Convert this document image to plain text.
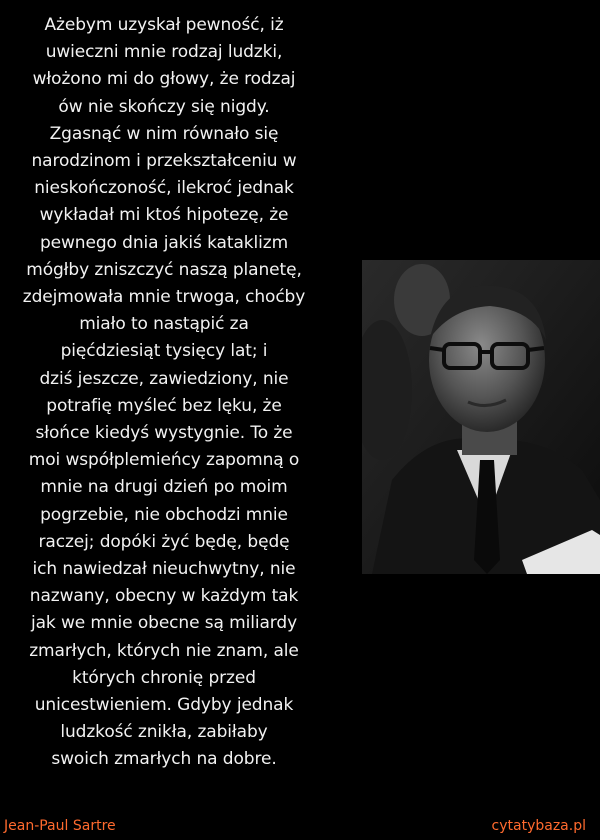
Ażebym uzyskał pewność, iż
uwieczni mnie rodzaj ludzki,
włożono mi do głowy, że rodzaj
ów nie skończy się nigdy.
Zgasnąć w nim równało się
narodzinom i przekształceniu w
nieskończoność, ilekroć jednak
wykładał mi ktoś hipotezę, że
pewnego dnia jakiś kataklizm
mógłby zniszczyć naszą planetę,
zdejmowała mnie trwoga, choćby
miało to nastąpić za
pięćdziesiąt tysięcy lat; i
dziś jeszcze, zawiedziony, nie
potrafię myśleć bez lęku, że
słońce kiedyś wystygnie. To że
moi współplemieńcy zapomną o
mnie na drugi dzień po moim
pogrzebie, nie obchodzi mnie
raczej; dopóki żyć będę, będę
ich nawiedzał nieuchwytny, nie
nazwany, obecny w każdym tak
jak we mnie obecne są miliardy
zmarłych, których nie znam, ale
których chronię przed
unicestwieniem. Gdyby jednak
ludzkość znikła, zabiłaby
swoich zmarłych na dobre.

Jean-Paul Sartre	cytatybaza.pl
